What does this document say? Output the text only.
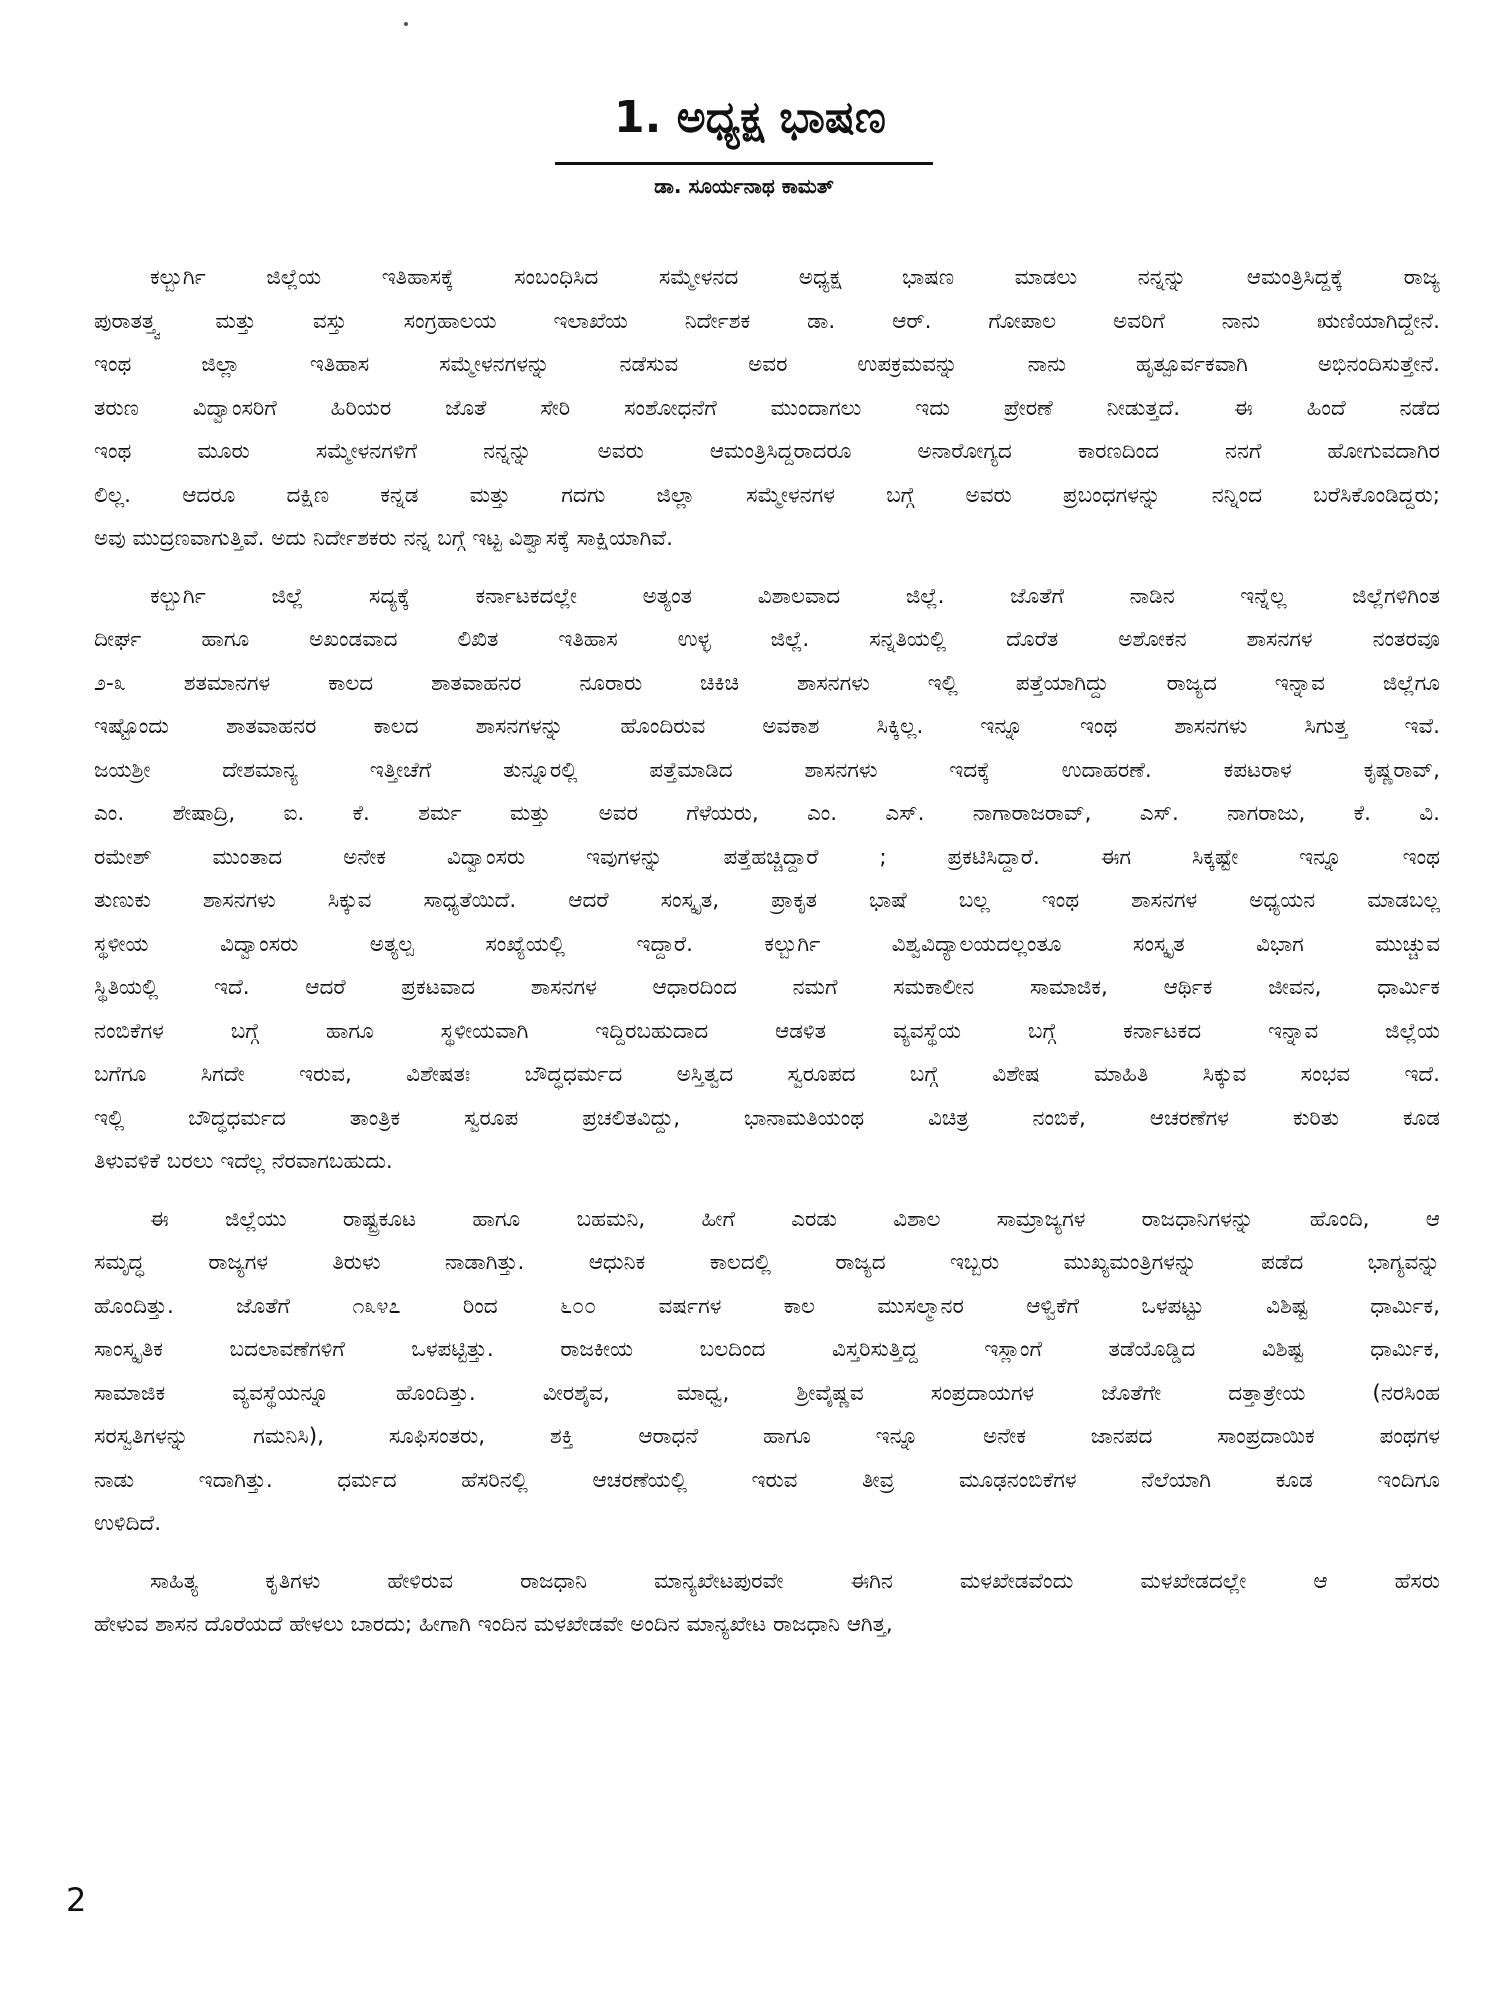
1. ಅಧ್ಯಕ್ಷ ಭಾಷಣ
ಡಾ. ಸೂರ್ಯನಾಥ ಕಾಮತ್
ಕಲ್ಬುರ್ಗಿ ಜಿಲ್ಲೆಯ ಇತಿಹಾಸಕ್ಕೆ ಸಂಬಂಧಿಸಿದ ಸಮ್ಮೇಳನದ ಅಧ್ಯಕ್ಷ ಭಾಷಣ ಮಾಡಲು ನನ್ನನ್ನು ಆಮಂತ್ರಿಸಿದ್ದಕ್ಕೆ ರಾಜ್ಯ
ಪುರಾತತ್ತ್ವ ಮತ್ತು ವಸ್ತು ಸಂಗ್ರಹಾಲಯ ಇಲಾಖೆಯ ನಿರ್ದೇಶಕ ಡಾ. ಆರ್. ಗೋಪಾಲ ಅವರಿಗೆ ನಾನು ಋಣಿಯಾಗಿದ್ದೇನೆ.
ಇಂಥ ಜಿಲ್ಲಾ ಇತಿಹಾಸ ಸಮ್ಮೇಳನಗಳನ್ನು ನಡೆಸುವ ಅವರ ಉಪಕ್ರಮವನ್ನು ನಾನು ಹೃತ್ಪೂರ್ವಕವಾಗಿ ಅಭಿನಂದಿಸುತ್ತೇನೆ.
ತರುಣ ವಿದ್ವಾಂಸರಿಗೆ ಹಿರಿಯರ ಜೊತೆ ಸೇರಿ ಸಂಶೋಧನೆಗೆ ಮುಂದಾಗಲು ಇದು ಪ್ರೇರಣೆ ನೀಡುತ್ತದೆ. ಈ ಹಿಂದೆ ನಡೆದ
ಇಂಥ ಮೂರು ಸಮ್ಮೇಳನಗಳಿಗೆ ನನ್ನನ್ನು ಅವರು ಆಮಂತ್ರಿಸಿದ್ದರಾದರೂ ಅನಾರೋಗ್ಯದ ಕಾರಣದಿಂದ ನನಗೆ ಹೋಗುವದಾಗಿರ
ಲಿಲ್ಲ. ಆದರೂ ದಕ್ಷಿಣ ಕನ್ನಡ ಮತ್ತು ಗದಗು ಜಿಲ್ಲಾ ಸಮ್ಮೇಳನಗಳ ಬಗ್ಗೆ ಅವರು ಪ್ರಬಂಧಗಳನ್ನು ನನ್ನಿಂದ ಬರೆಸಿಕೊಂಡಿದ್ದರು;
ಅವು ಮುದ್ರಣವಾಗುತ್ತಿವೆ. ಅದು ನಿರ್ದೇಶಕರು ನನ್ನ ಬಗ್ಗೆ ಇಟ್ಟ ವಿಶ್ವಾಸಕ್ಕೆ ಸಾಕ್ಷಿಯಾಗಿವೆ.
ಕಲ್ಬುರ್ಗಿ ಜಿಲ್ಲೆ ಸದ್ಯಕ್ಕೆ ಕರ್ನಾಟಕದಲ್ಲೇ ಅತ್ಯಂತ ವಿಶಾಲವಾದ ಜಿಲ್ಲೆ. ಜೊತೆಗೆ ನಾಡಿನ ಇನ್ನೆಲ್ಲ ಜಿಲ್ಲೆಗಳಿಗಿಂತ
ದೀರ್ಘ ಹಾಗೂ ಅಖಂಡವಾದ ಲಿಖಿತ ಇತಿಹಾಸ ಉಳ್ಳ ಜಿಲ್ಲೆ. ಸನ್ನತಿಯಲ್ಲಿ ದೊರೆತ ಅಶೋಕನ ಶಾಸನಗಳ ನಂತರವೂ
೨-೩ ಶತಮಾನಗಳ ಕಾಲದ ಶಾತವಾಹನರ ನೂರಾರು ಚಿಕಿಚಿ ಶಾಸನಗಳು ಇಲ್ಲಿ ಪತ್ತೆಯಾಗಿದ್ದು ರಾಜ್ಯದ ಇನ್ನಾವ ಜಿಲ್ಲೆಗೂ
ಇಷ್ಟೊಂದು ಶಾತವಾಹನರ ಕಾಲದ ಶಾಸನಗಳನ್ನು ಹೊಂದಿರುವ ಅವಕಾಶ ಸಿಕ್ಕಿಲ್ಲ. ಇನ್ನೂ ಇಂಥ ಶಾಸನಗಳು ಸಿಗುತ್ತ ಇವೆ.
ಜಯಶ್ರೀ ದೇಶಮಾನ್ಯ ಇತ್ತೀಚೆಗೆ ತುನ್ನೂರಲ್ಲಿ ಪತ್ತೆಮಾಡಿದ ಶಾಸನಗಳು ಇದಕ್ಕೆ ಉದಾಹರಣೆ. ಕಪಟರಾಳ ಕೃಷ್ಣರಾವ್,
ಎಂ. ಶೇಷಾದ್ರಿ, ಐ. ಕೆ. ಶರ್ಮ ಮತ್ತು ಅವರ ಗೆಳೆಯರು, ಎಂ. ಎಸ್. ನಾಗಾರಾಜರಾವ್, ಎಸ್. ನಾಗರಾಜು, ಕೆ. ವಿ.
ರಮೇಶ್ ಮುಂತಾದ ಅನೇಕ ವಿದ್ವಾಂಸರು ಇವುಗಳನ್ನು ಪತ್ತೆಹಚ್ಚಿದ್ದಾರೆ ; ಪ್ರಕಟಿಸಿದ್ದಾರೆ. ಈಗ ಸಿಕ್ಕಷ್ಟೇ ಇನ್ನೂ ಇಂಥ
ತುಣುಕು ಶಾಸನಗಳು ಸಿಕ್ಕುವ ಸಾಧ್ಯತೆಯಿದೆ. ಆದರೆ ಸಂಸ್ಕೃತ, ಪ್ರಾಕೃತ ಭಾಷೆ ಬಲ್ಲ ಇಂಥ ಶಾಸನಗಳ ಅಧ್ಯಯನ ಮಾಡಬಲ್ಲ
ಸ್ಥಳೀಯ ವಿದ್ವಾಂಸರು ಅತ್ಯಲ್ಪ ಸಂಖ್ಯೆಯಲ್ಲಿ ಇದ್ದಾರೆ. ಕಲ್ಬುರ್ಗಿ ವಿಶ್ವವಿದ್ಯಾಲಯದಲ್ಲಂತೂ ಸಂಸ್ಕೃತ ವಿಭಾಗ ಮುಚ್ಚುವ
ಸ್ಥಿತಿಯಲ್ಲಿ ಇದೆ. ಆದರೆ ಪ್ರಕಟವಾದ ಶಾಸನಗಳ ಆಧಾರದಿಂದ ನಮಗೆ ಸಮಕಾಲೀನ ಸಾಮಾಜಿಕ, ಆರ್ಥಿಕ ಜೀವನ, ಧಾರ್ಮಿಕ
ನಂಬಿಕೆಗಳ ಬಗ್ಗೆ ಹಾಗೂ ಸ್ಥಳೀಯವಾಗಿ ಇದ್ದಿರಬಹುದಾದ ಆಡಳಿತ ವ್ಯವಸ್ಥೆಯ ಬಗ್ಗೆ ಕರ್ನಾಟಕದ ಇನ್ನಾವ ಜಿಲ್ಲೆಯ
ಬಗೆಗೂ ಸಿಗದೇ ಇರುವ, ವಿಶೇಷತಃ ಬೌದ್ಧಧರ್ಮದ ಅಸ್ತಿತ್ವದ ಸ್ವರೂಪದ ಬಗ್ಗೆ ವಿಶೇಷ ಮಾಹಿತಿ ಸಿಕ್ಕುವ ಸಂಭವ ಇದೆ.
ಇಲ್ಲಿ ಬೌದ್ಧಧರ್ಮದ ತಾಂತ್ರಿಕ ಸ್ವರೂಪ ಪ್ರಚಲಿತವಿದ್ದು, ಭಾನಾಮತಿಯಂಥ ವಿಚಿತ್ರ ನಂಬಿಕೆ, ಆಚರಣೆಗಳ ಕುರಿತು ಕೂಡ
ತಿಳುವಳಿಕೆ ಬರಲು ಇದೆಲ್ಲ ನೆರವಾಗಬಹುದು.
ಈ ಜಿಲ್ಲೆಯು ರಾಷ್ಟ್ರಕೂಟ ಹಾಗೂ ಬಹಮನಿ, ಹೀಗೆ ಎರಡು ವಿಶಾಲ ಸಾಮ್ರಾಜ್ಯಗಳ ರಾಜಧಾನಿಗಳನ್ನು ಹೊಂದಿ, ಆ
ಸಮೃದ್ಧ ರಾಜ್ಯಗಳ ತಿರುಳು ನಾಡಾಗಿತ್ತು. ಆಧುನಿಕ ಕಾಲದಲ್ಲಿ ರಾಜ್ಯದ ಇಬ್ಬರು ಮುಖ್ಯಮಂತ್ರಿಗಳನ್ನು ಪಡೆದ ಭಾಗ್ಯವನ್ನು
ಹೊಂದಿತ್ತು. ಜೊತೆಗೆ ೧೩೪೭ ರಿಂದ ೬೦೦ ವರ್ಷಗಳ ಕಾಲ ಮುಸಲ್ಮಾನರ ಆಳ್ವಿಕೆಗೆ ಒಳಪಟ್ಟು ವಿಶಿಷ್ಟ ಧಾರ್ಮಿಕ,
ಸಾಂಸ್ಕೃತಿಕ ಬದಲಾವಣೆಗಳಿಗೆ ಒಳಪಟ್ಟಿತ್ತು. ರಾಜಕೀಯ ಬಲದಿಂದ ವಿಸ್ತರಿಸುತ್ತಿದ್ದ ಇಸ್ಲಾಂಗೆ ತಡೆಯೊಡ್ಡಿದ ವಿಶಿಷ್ಟ ಧಾರ್ಮಿಕ,
ಸಾಮಾಜಿಕ ವ್ಯವಸ್ಥೆಯನ್ನೂ ಹೊಂದಿತ್ತು. ವೀರಶೈವ, ಮಾಧ್ವ, ಶ್ರೀವೈಷ್ಣವ ಸಂಪ್ರದಾಯಗಳ ಜೊತೆಗೇ ದತ್ತಾತ್ರೇಯ (ನರಸಿಂಹ
ಸರಸ್ವತಿಗಳನ್ನು ಗಮನಿಸಿ), ಸೂಫಿಸಂತರು, ಶಕ್ತಿ ಆರಾಧನೆ ಹಾಗೂ ಇನ್ನೂ ಅನೇಕ ಜಾನಪದ ಸಾಂಪ್ರದಾಯಿಕ ಪಂಥಗಳ
ನಾಡು ಇದಾಗಿತ್ತು. ಧರ್ಮದ ಹೆಸರಿನಲ್ಲಿ ಆಚರಣೆಯಲ್ಲಿ ಇರುವ ತೀವ್ರ ಮೂಢನಂಬಿಕೆಗಳ ನೆಲೆಯಾಗಿ ಕೂಡ ಇಂದಿಗೂ
ಉಳಿದಿದೆ.
ಸಾಹಿತ್ಯ ಕೃತಿಗಳು ಹೇಳಿರುವ ರಾಜಧಾನಿ ಮಾನ್ಯಖೇಟಪುರವೇ ಈಗಿನ ಮಳಖೇಡವೆಂದು ಮಳಖೇಡದಲ್ಲೇ ಆ ಹೆಸರು
ಹೇಳುವ ಶಾಸನ ದೊರೆಯದೆ ಹೇಳಲು ಬಾರದು; ಹೀಗಾಗಿ ಇಂದಿನ ಮಳಖೇಡವೇ ಅಂದಿನ ಮಾನ್ಯಖೇಟ ರಾಜಧಾನಿ ಆಗಿತ್ತ,
2
